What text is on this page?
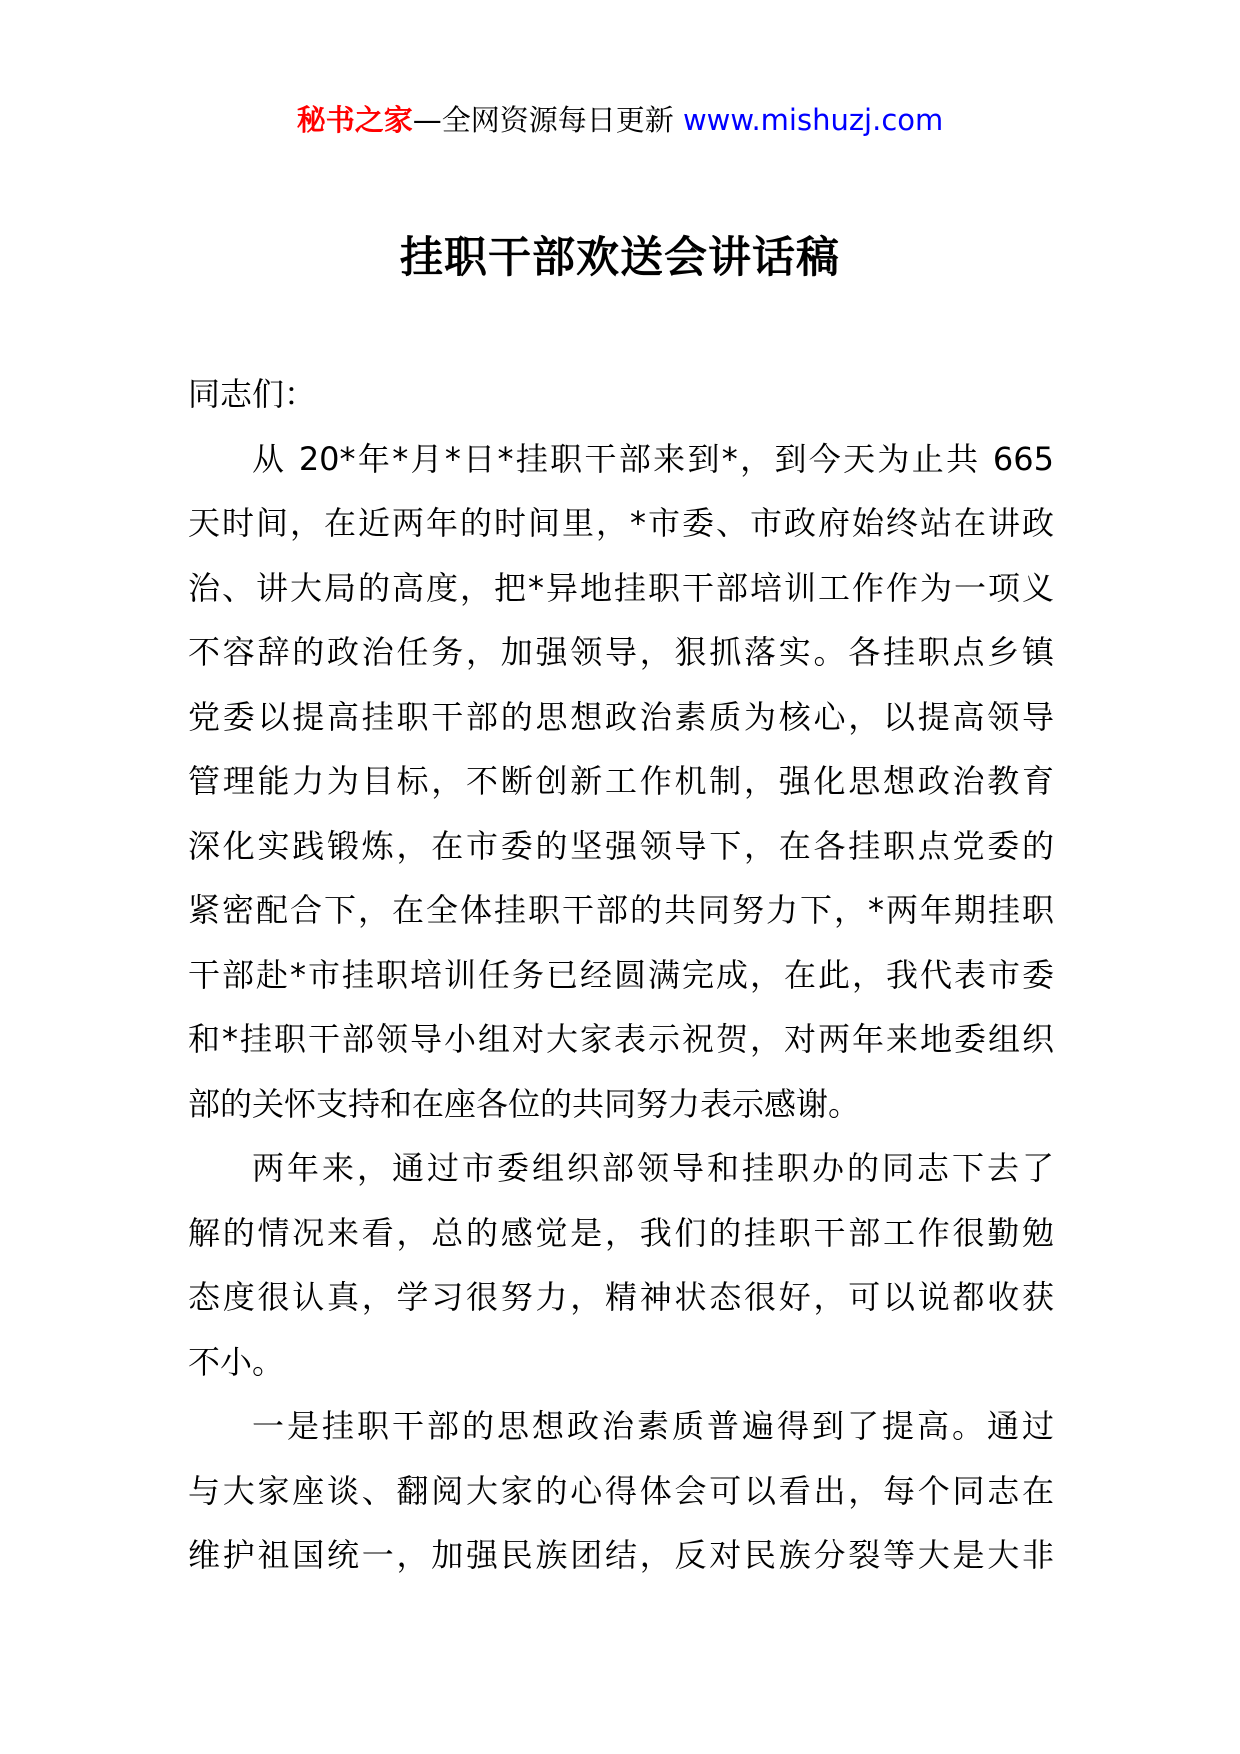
秘书之家—全网资源每日更新 www.mishuzj.com
挂职干部欢送会讲话稿
同志们：
从 20*年*月*日*挂职干部来到*，到今天为止共 665
天时间，在近两年的时间里，*市委、市政府始终站在讲政
治、讲大局的高度，把*异地挂职干部培训工作作为一项义
不容辞的政治任务，加强领导，狠抓落实。各挂职点乡镇
党委以提高挂职干部的思想政治素质为核心，以提高领导
管理能力为目标，不断创新工作机制，强化思想政治教育
深化实践锻炼，在市委的坚强领导下，在各挂职点党委的
紧密配合下，在全体挂职干部的共同努力下，*两年期挂职
干部赴*市挂职培训任务已经圆满完成，在此，我代表市委
和*挂职干部领导小组对大家表示祝贺，对两年来地委组织
部的关怀支持和在座各位的共同努力表示感谢。
两年来，通过市委组织部领导和挂职办的同志下去了
解的情况来看，总的感觉是，我们的挂职干部工作很勤勉
态度很认真，学习很努力，精神状态很好，可以说都收获
不小。
一是挂职干部的思想政治素质普遍得到了提高。通过
与大家座谈、翻阅大家的心得体会可以看出，每个同志在
维护祖国统一，加强民族团结，反对民族分裂等大是大非
